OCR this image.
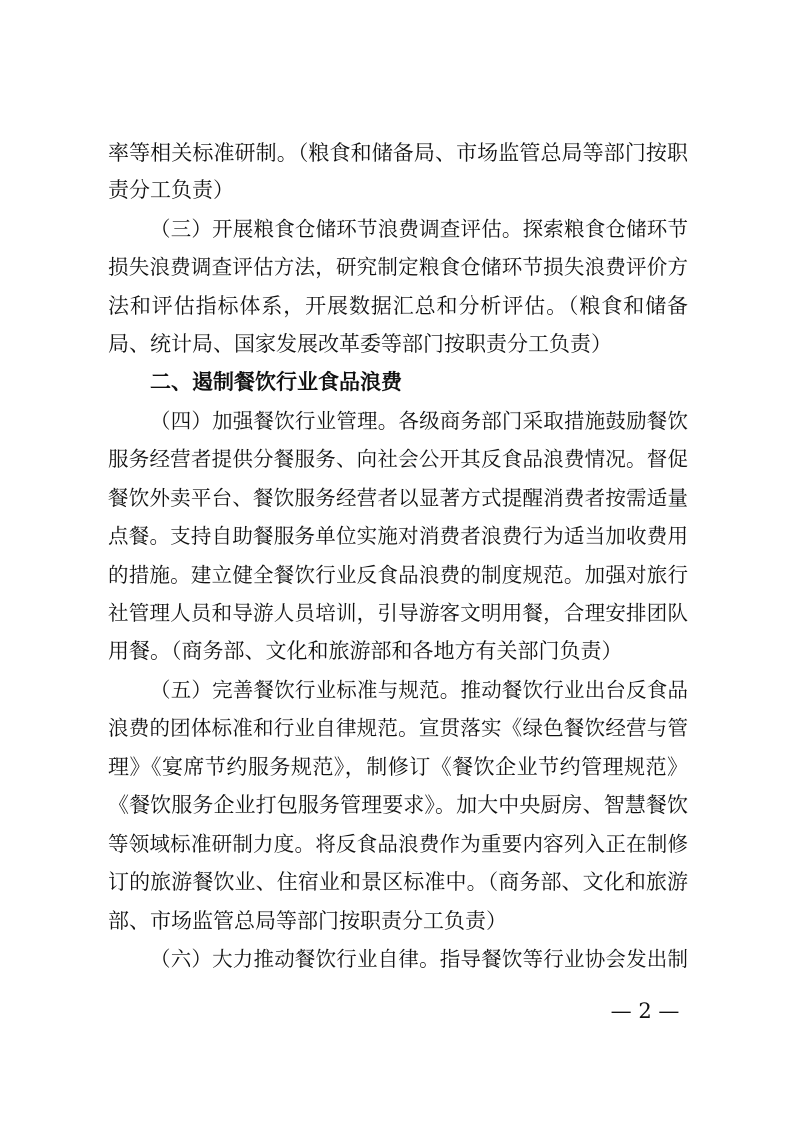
率等相关标准研制。（粮食和储备局、市场监管总局等部门按职
责分工负责）
（三）开展粮食仓储环节浪费调查评估。探索粮食仓储环节
损失浪费调查评估方法，研究制定粮食仓储环节损失浪费评价方
法和评估指标体系，开展数据汇总和分析评估。（粮食和储备
局、统计局、国家发展改革委等部门按职责分工负责）
二、遏制餐饮行业食品浪费
（四）加强餐饮行业管理。各级商务部门采取措施鼓励餐饮
服务经营者提供分餐服务、向社会公开其反食品浪费情况。督促
餐饮外卖平台、餐饮服务经营者以显著方式提醒消费者按需适量
点餐。支持自助餐服务单位实施对消费者浪费行为适当加收费用
的措施。建立健全餐饮行业反食品浪费的制度规范。加强对旅行
社管理人员和导游人员培训，引导游客文明用餐，合理安排团队
用餐。（商务部、文化和旅游部和各地方有关部门负责）
（五）完善餐饮行业标准与规范。推动餐饮行业出台反食品
浪费的团体标准和行业自律规范。宣贯落实《绿色餐饮经营与管
理》《宴席节约服务规范》，制修订《餐饮企业节约管理规范》
《餐饮服务企业打包服务管理要求》。加大中央厨房、智慧餐饮
等领域标准研制力度。将反食品浪费作为重要内容列入正在制修
订的旅游餐饮业、住宿业和景区标准中。（商务部、文化和旅游
部、市场监管总局等部门按职责分工负责）
（六）大力推动餐饮行业自律。指导餐饮等行业协会发出制
— 2 —
